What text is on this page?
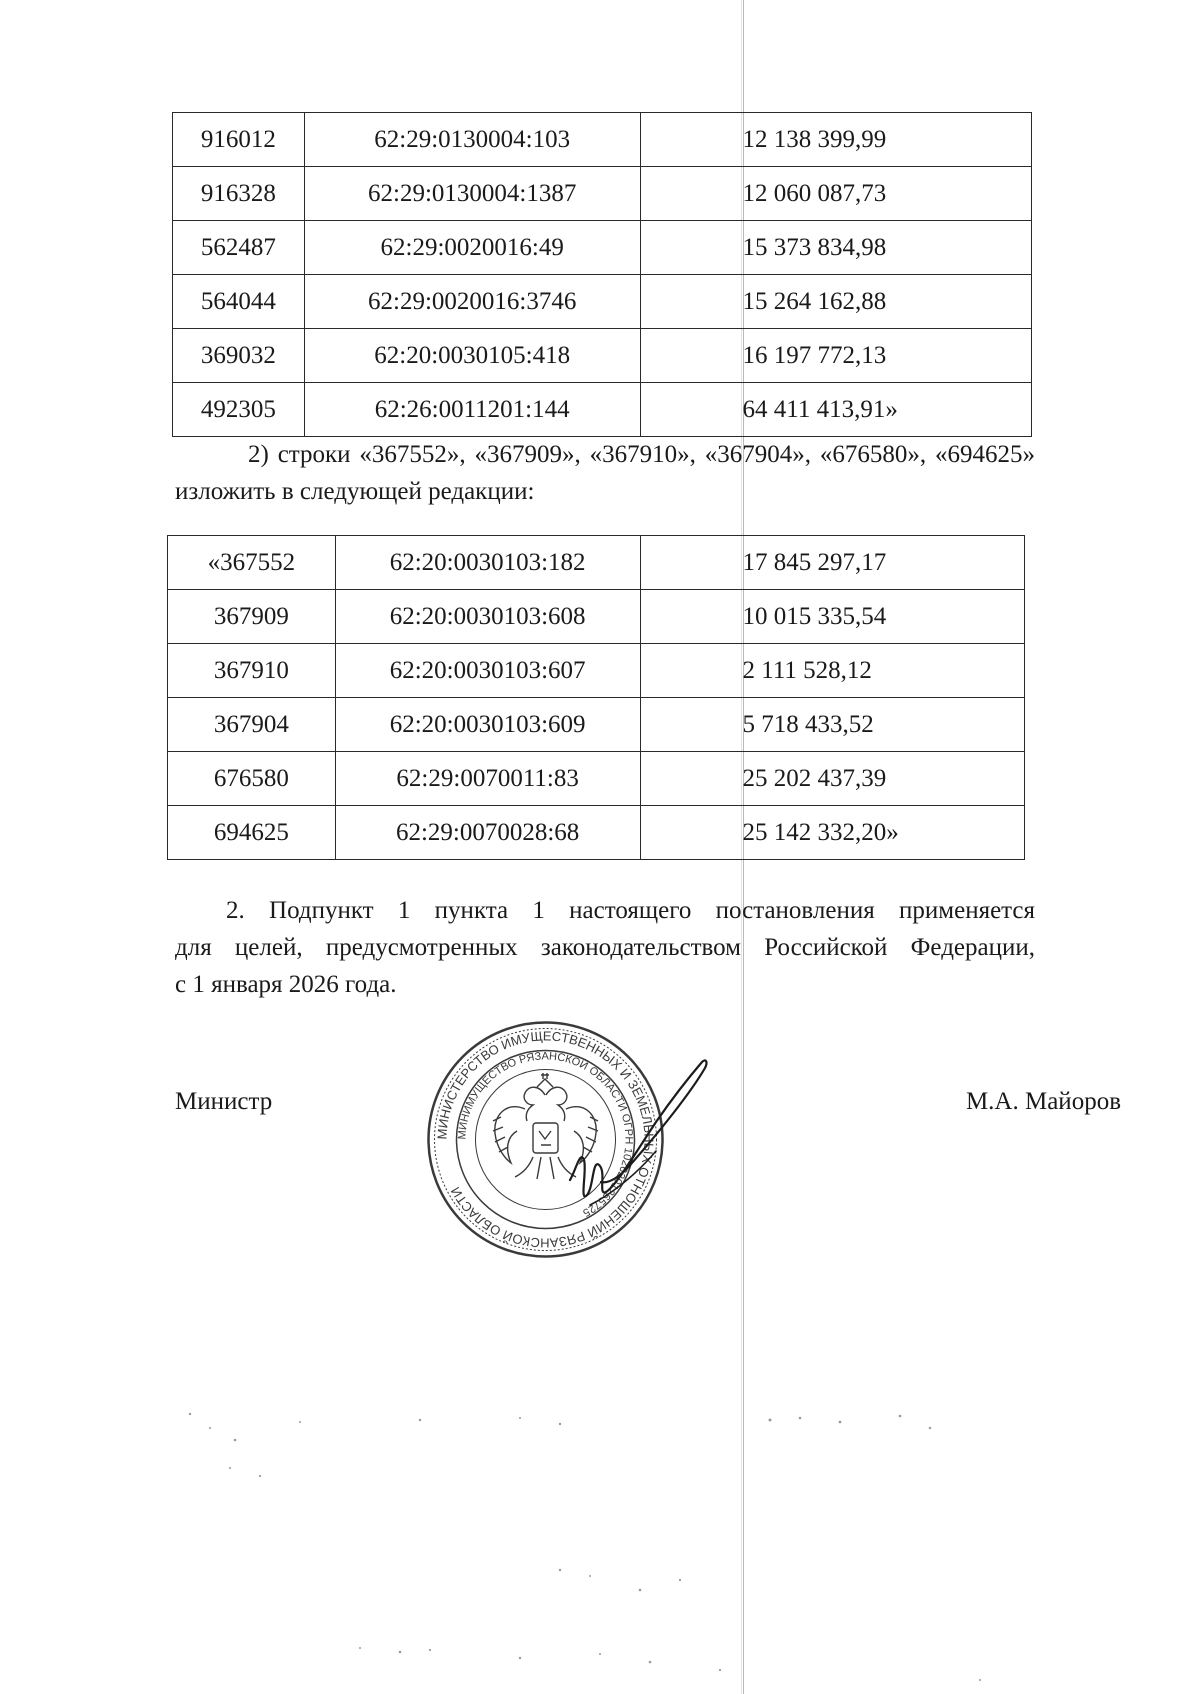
916012	62:29:0130004:103	12 138 399,99
916328	62:29:0130004:1387	12 060 087,73
562487	62:29:0020016:49	15 373 834,98
564044	62:29:0020016:3746	15 264 162,88
369032	62:20:0030105:418	16 197 772,13
492305	62:26:0011201:144	64 411 413,91»
2) строки «367552», «367909», «367910», «367904», «676580», «694625»
изложить в следующей редакции:
«367552	62:20:0030103:182	17 845 297,17
367909	62:20:0030103:608	10 015 335,54
367910	62:20:0030103:607	2 111 528,12
367904	62:20:0030103:609	5 718 433,52
676580	62:29:0070011:83	25 202 437,39
694625	62:29:0070028:68	25 142 332,20»
2. Подпункт 1 пункта 1 настоящего постановления применяется
для целей, предусмотренных законодательством Российской Федерации,
с 1 января 2026 года.
Министр	М.А. Майоров
МИНИСТЕРСТВО ИМУЩЕСТВЕННЫХ И ЗЕМЕЛЬНЫХ ОТНОШЕНИЙ РЯЗАНСКОЙ ОБЛАСТИ
МИНИМУЩЕСТВО РЯЗАНСКОЙ ОБЛАСТИ ОГРН 1026201265725
